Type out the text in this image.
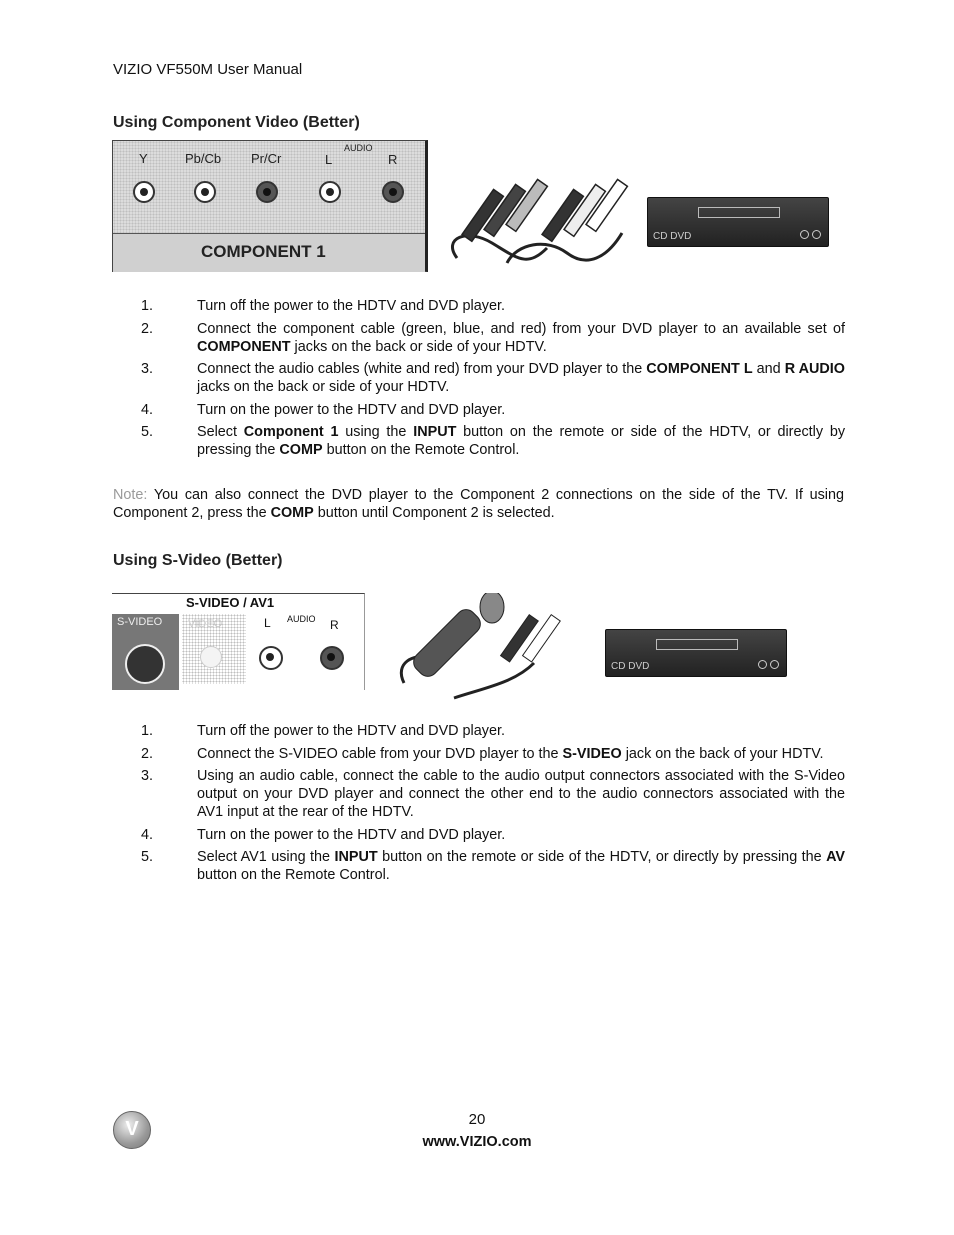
VIZIO VF550M User Manual
Using Component Video (Better)
Y	Pb/Cb Pr/Cr
AUDIO
L	R
COMPONENT 1
CD DVD
1.	Turn off the power to the HDTV and DVD player.
2.	Connect the component cable (green, blue, and red) from your DVD player to an available set of COMPONENT jacks on the back or side of your HDTV.
3.	Connect the audio cables (white and red) from your DVD player to the COMPONENT L and R AUDIO jacks on the back or side of your HDTV.
4.	Turn on the power to the HDTV and DVD player.
5.	Select Component 1 using the INPUT button on the remote or side of the HDTV, or directly by pressing the COMP button on the Remote Control.
Note: You can also connect the DVD player to the Component 2 connections on the side of the TV. If using Component 2, press the COMP button until Component 2 is selected.
Using S-Video (Better)
S-VIDEO / AV1
S-VIDEO VIDEO	L AUDIO R
CD DVD
1.	Turn off the power to the HDTV and DVD player.
2.	Connect the S-VIDEO cable from your DVD player to the S-VIDEO jack on the back of your HDTV.
3.	Using an audio cable, connect the cable to the audio output connectors associated with the S-Video output on your DVD player and connect the other end to the audio connectors associated with the AV1 input at the rear of the HDTV.
4.	Turn on the power to the HDTV and DVD player.
5.	Select AV1 using the INPUT button on the remote or side of the HDTV, or directly by pressing the AV button on the Remote Control.
V	20
www.VIZIO.com
